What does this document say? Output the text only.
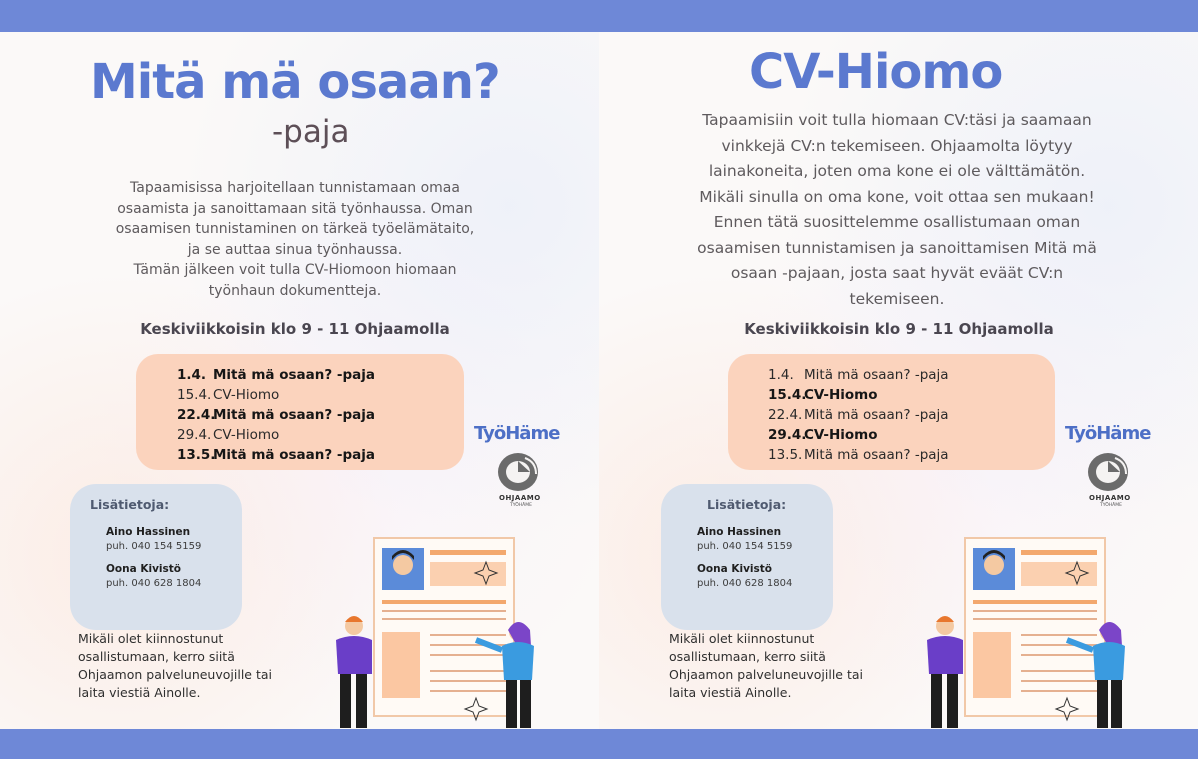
Mitä mä osaan?
-paja
Tapaamisissa harjoitellaan tunnistamaan omaa
osaamista ja sanoittamaan sitä työnhaussa. Oman
osaamisen tunnistaminen on tärkeä työelämätaito,
ja se auttaa sinua työnhaussa.
Tämän jälkeen voit tulla CV-Hiomoon hiomaan
työnhaun dokumentteja.
Keskiviikkoisin klo 9 - 11 Ohjaamolla
1.4. Mitä mä osaan? -paja
15.4. CV-Hiomo
22.4.Mitä mä osaan? -paja
29.4. CV-Hiomo
13.5.Mitä mä osaan? -paja
TyöHäme
OHJAAMO
TYÖHÄME
Lisätietoja:
Aino Hassinen
puh. 040 154 5159
Oona Kivistö
puh. 040 628 1804
Mikäli olet kiinnostunut
osallistumaan, kerro siitä
Ohjaamon palveluneuvojille tai
laita viestiä Ainolle.
CV-Hiomo
Tapaamisiin voit tulla hiomaan CV:täsi ja saamaan
vinkkejä CV:n tekemiseen. Ohjaamolta löytyy
lainakoneita, joten oma kone ei ole välttämätön.
Mikäli sinulla on oma kone, voit ottaa sen mukaan!
Ennen tätä suosittelemme osallistumaan oman
osaamisen tunnistamisen ja sanoittamisen Mitä mä
osaan -pajaan, josta saat hyvät eväät CV:n
tekemiseen.
Keskiviikkoisin klo 9 - 11 Ohjaamolla
1.4. Mitä mä osaan? -paja
15.4.CV-Hiomo
22.4. Mitä mä osaan? -paja
29.4.CV-Hiomo
13.5. Mitä mä osaan? -paja
TyöHäme
OHJAAMO
TYÖHÄME
Lisätietoja:
Aino Hassinen
puh. 040 154 5159
Oona Kivistö
puh. 040 628 1804
Mikäli olet kiinnostunut
osallistumaan, kerro siitä
Ohjaamon palveluneuvojille tai
laita viestiä Ainolle.
